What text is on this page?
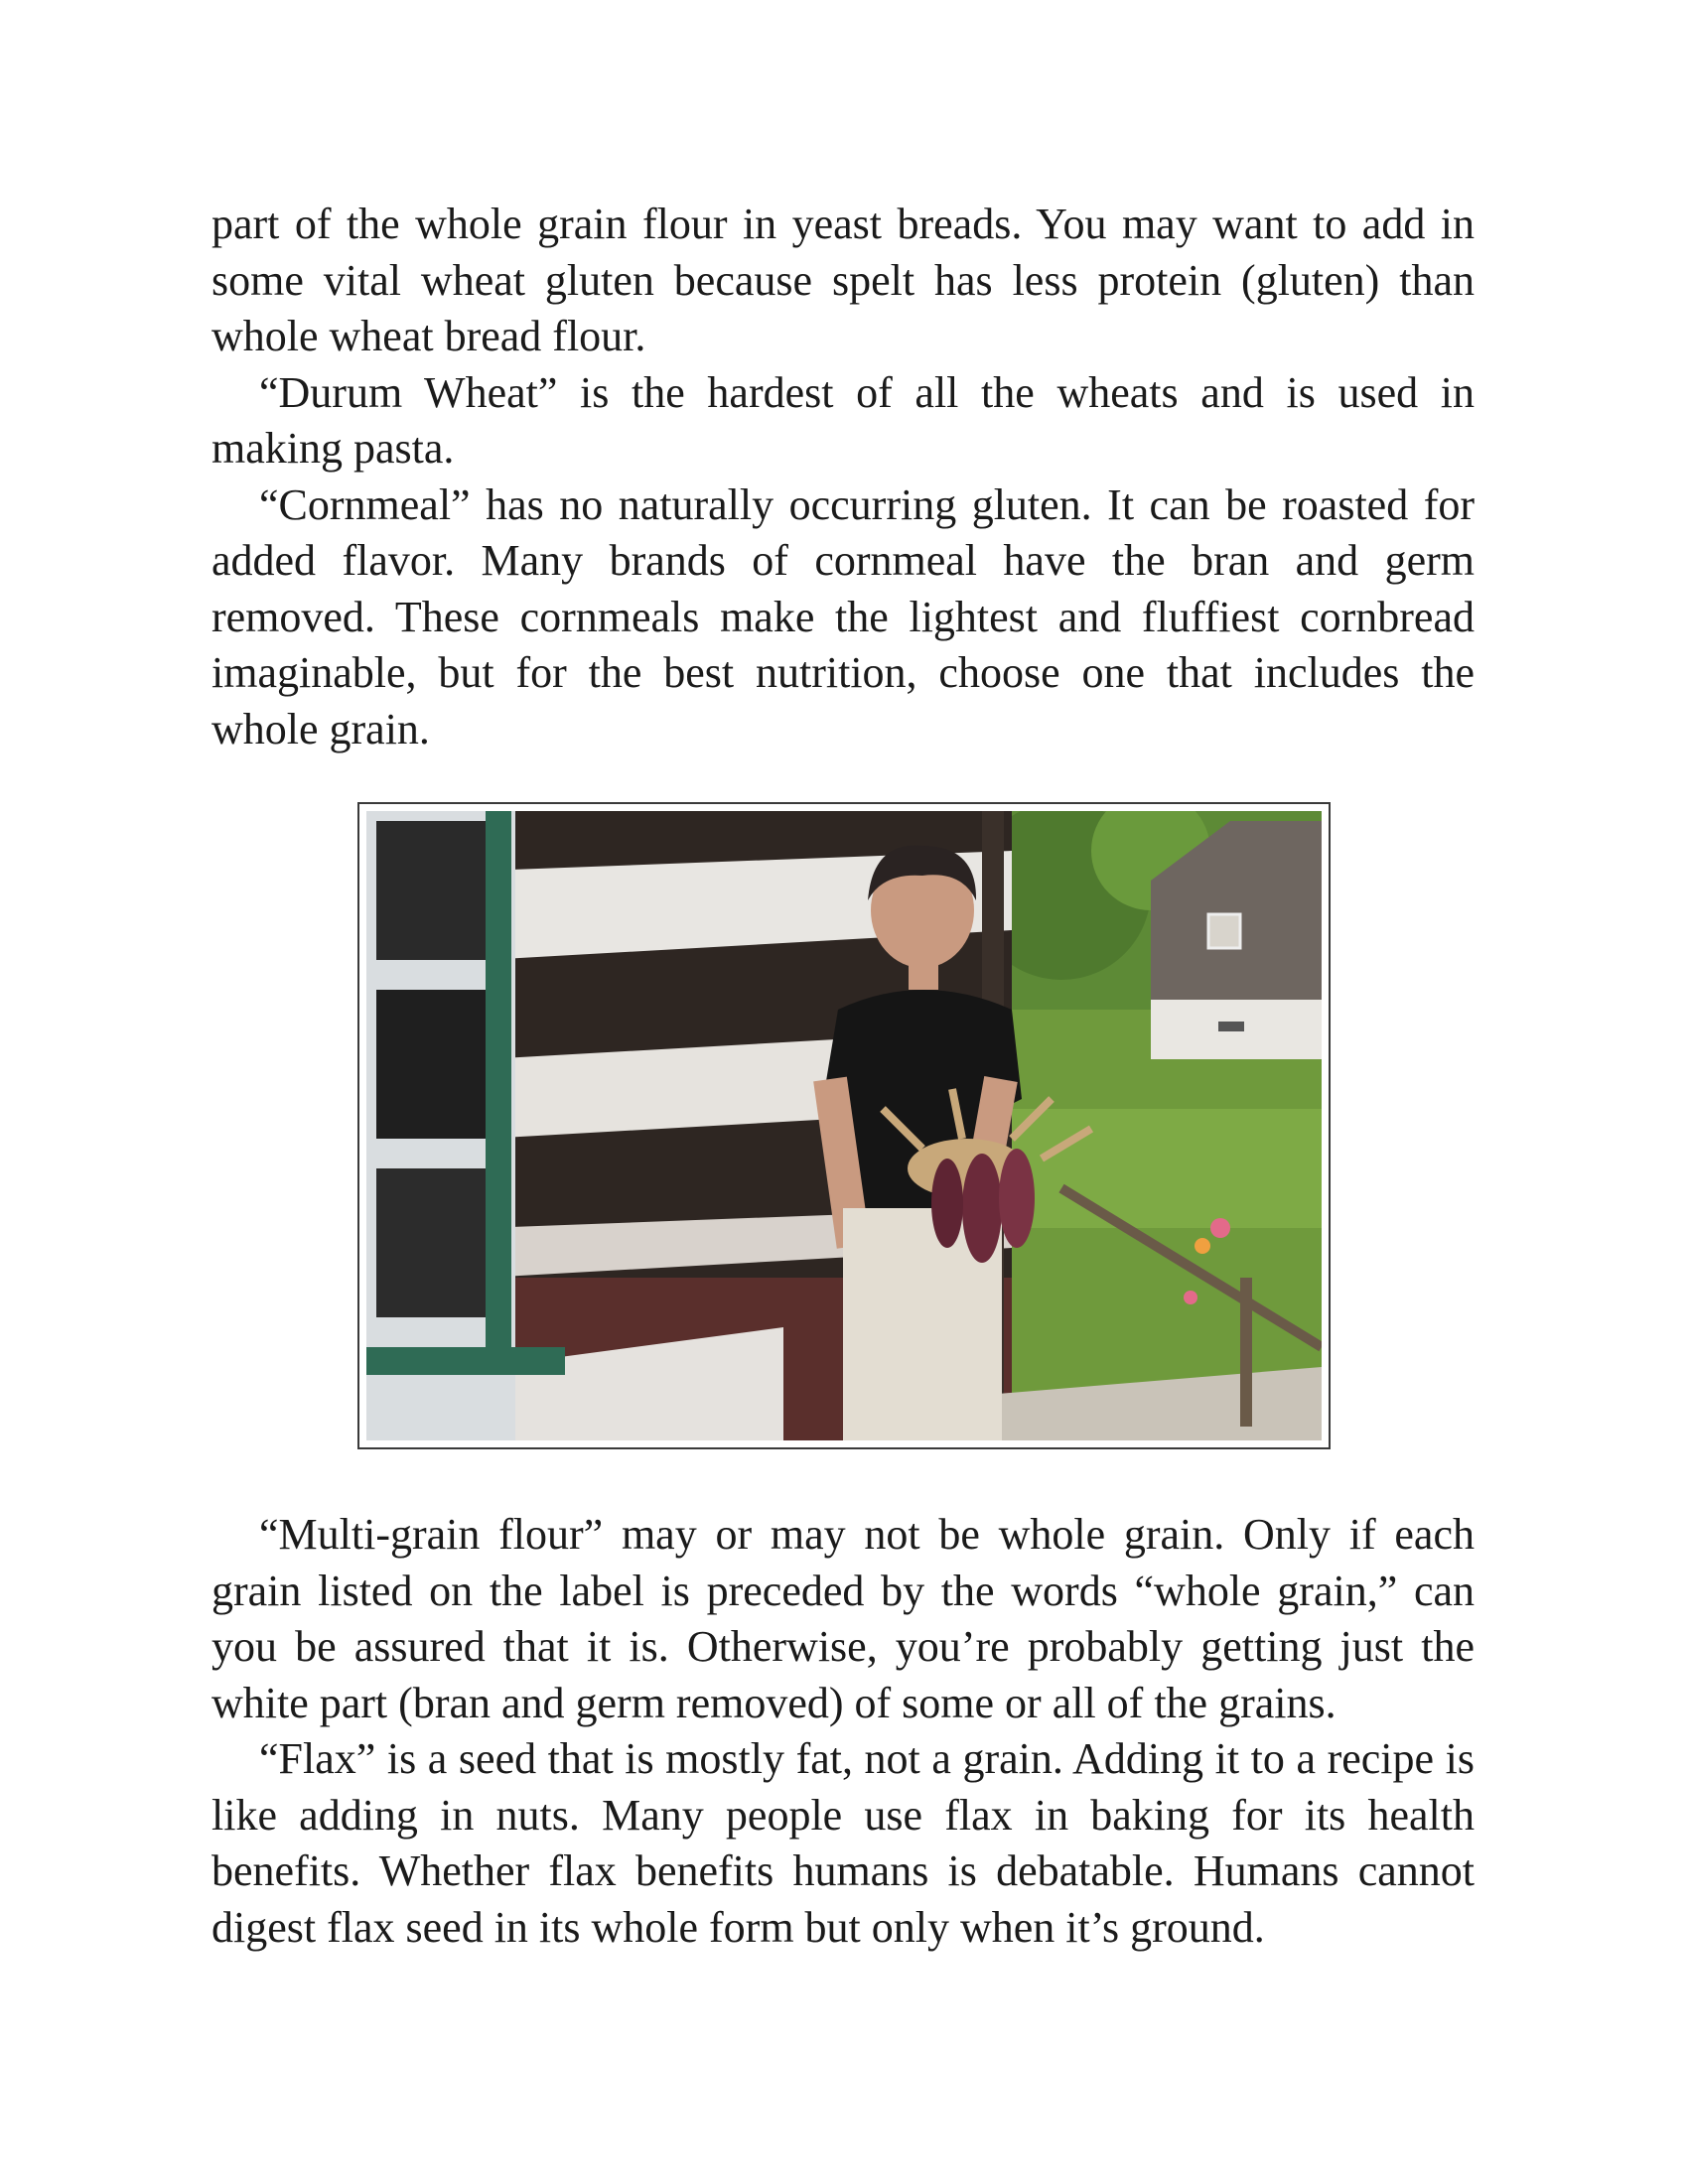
part of the whole grain flour in yeast breads. You may want to add in some vital wheat gluten because spelt has less protein (gluten) than whole wheat bread flour.

“Durum Wheat” is the hardest of all the wheats and is used in making pasta.

“Cornmeal” has no naturally occurring gluten. It can be roasted for added flavor. Many brands of cornmeal have the bran and germ removed. These cornmeals make the lightest and fluffiest cornbread imaginable, but for the best nutrition, choose one that includes the whole grain.

“Multi-grain flour” may or may not be whole grain. Only if each grain listed on the label is preceded by the words “whole grain,” can you be assured that it is. Otherwise, you’re probably getting just the white part (bran and germ removed) of some or all of the grains.

“Flax” is a seed that is mostly fat, not a grain. Adding it to a recipe is like adding in nuts. Many people use flax in baking for its health benefits. Whether flax benefits humans is debatable. Humans cannot digest flax seed in its whole form but only when it’s ground.
